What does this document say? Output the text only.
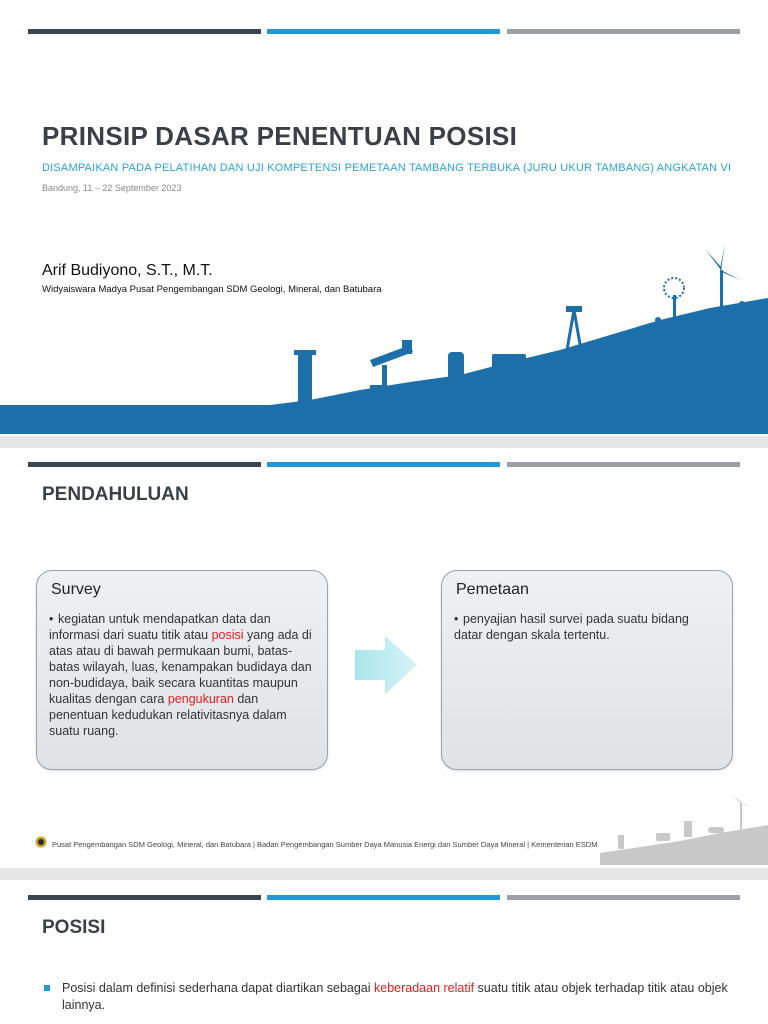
PRINSIP DASAR PENENTUAN POSISI
DISAMPAIKAN PADA PELATIHAN DAN UJI KOMPETENSI PEMETAAN TAMBANG TERBUKA (JURU UKUR TAMBANG) ANGKATAN VI
Bandung, 11 – 22 September 2023
Arif Budiyono, S.T., M.T.
Widyaiswara Madya Pusat Pengembangan SDM Geologi, Mineral, dan Batubara
PENDAHULUAN
Survey
• kegiatan untuk mendapatkan data dan informasi dari suatu titik atau posisi yang ada di atas atau di bawah permukaan bumi, batas-batas wilayah, luas, kenampakan budidaya dan non-budidaya, baik secara kuantitas maupun kualitas dengan cara pengukuran dan penentuan kedudukan relativitasnya dalam suatu ruang.
Pemetaan
• penyajian hasil survei pada suatu bidang datar dengan skala tertentu.
Pusat Pengembangan SDM Geologi, Mineral, dan Batubara | Badan Pengembangan Sumber Daya Manusia Energi dan Sumber Daya Mineral | Kementerian ESDM
POSISI
Posisi dalam definisi sederhana dapat diartikan sebagai keberadaan relatif suatu titik atau objek terhadap titik atau objek lainnya.
